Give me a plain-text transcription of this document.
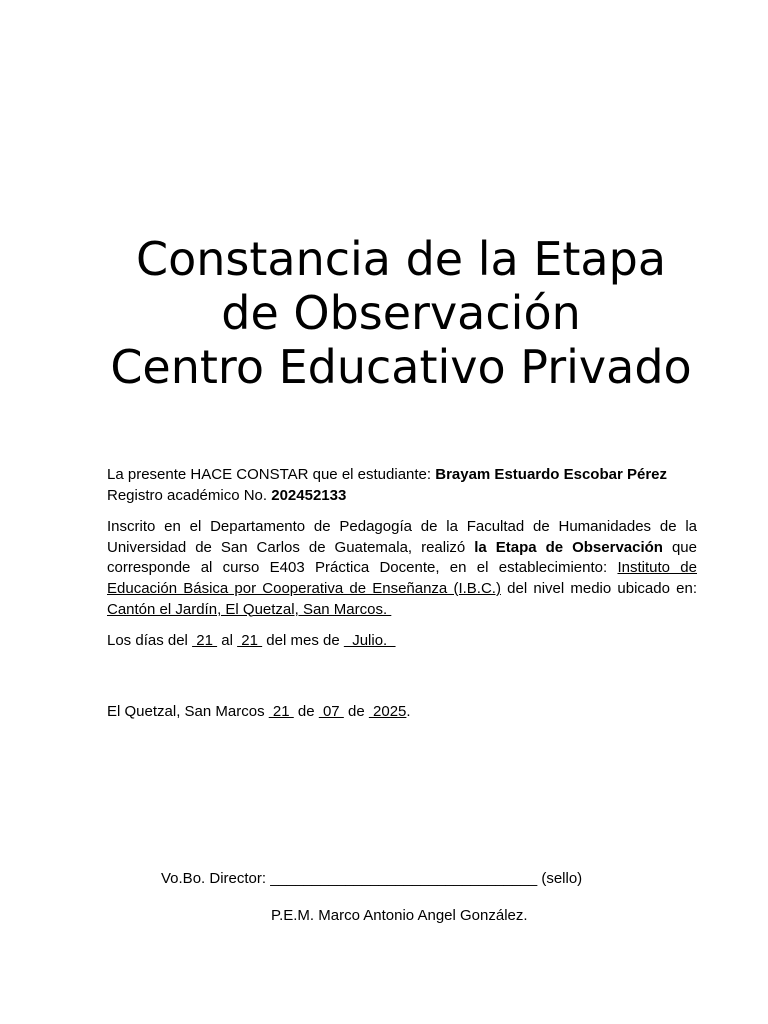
Constancia de la Etapa
de Observación
Centro Educativo Privado

La presente HACE CONSTAR que el estudiante: Brayam Estuardo Escobar Pérez
Registro académico No. 202452133

Inscrito en el Departamento de Pedagogía de la Facultad de Humanidades de la Universidad de San Carlos de Guatemala, realizó la Etapa de Observación que corresponde al curso E403 Práctica Docente, en el establecimiento: Instituto de Educación Básica por Cooperativa de Enseñanza (I.B.C.) del nivel medio ubicado en: Cantón el Jardín, El Quetzal, San Marcos.

Los días del  21  al  21  del mes de   Julio.

El Quetzal, San Marcos  21  de  07  de  2025.
Vo.Bo. Director: ________________________________ (sello)
P.E.M. Marco Antonio Angel González.
